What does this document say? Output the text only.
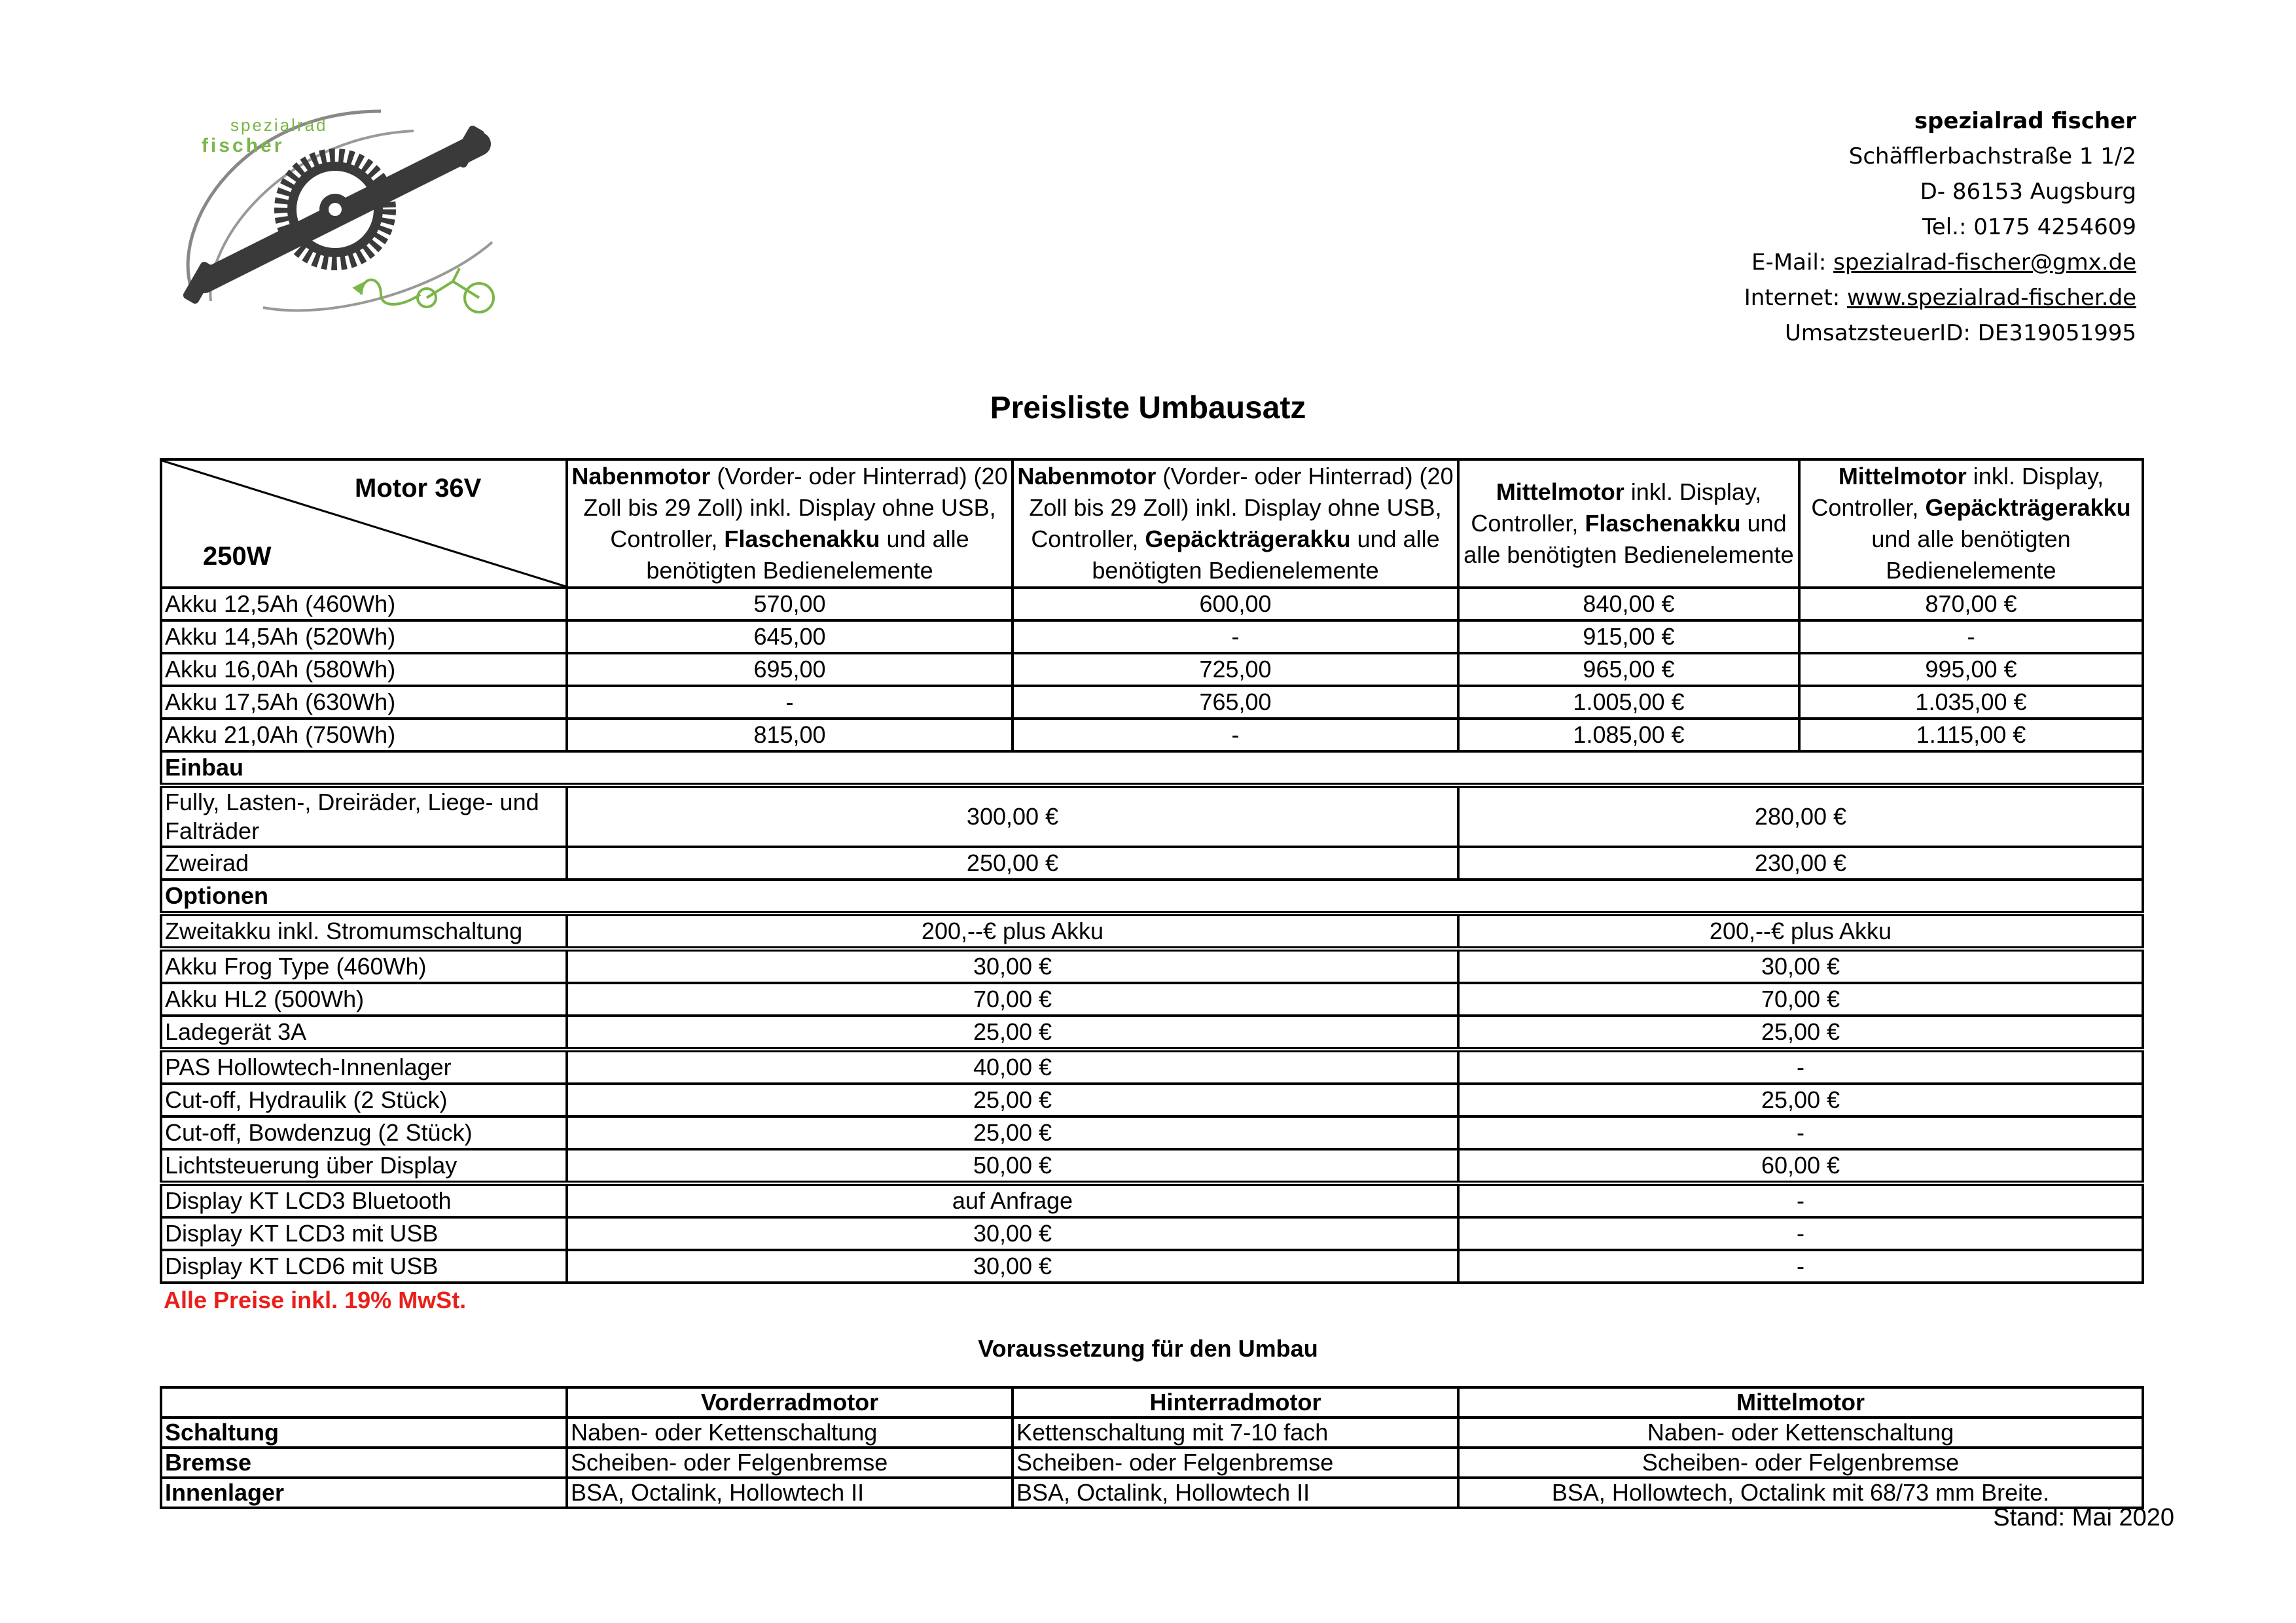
spezialrad
fischer
spezialrad fischer
Schäfflerbachstraße 1 1/2
D- 86153 Augsburg
Tel.: 0175 4254609
E-Mail: spezialrad-fischer@gmx.de
Internet: www.spezialrad-fischer.de
UmsatzsteuerID: DE319051995
Preisliste Umbausatz
Motor 36V
250W	Nabenmotor (Vorder- oder Hinterrad) (20 Zoll bis 29 Zoll) inkl. Display ohne USB, Controller, Flaschenakku und alle benötigten Bedienelemente	Nabenmotor (Vorder- oder Hinterrad) (20 Zoll bis 29 Zoll) inkl. Display ohne USB, Controller, Gepäckträgerakku und alle benötigten Bedienelemente	Mittelmotor inkl. Display, Controller, Flaschenakku und alle benötigten Bedienelemente	Mittelmotor inkl. Display, Controller, Gepäckträgerakku und alle benötigten Bedienelemente
Akku 12,5Ah (460Wh)	570,00	600,00	840,00 €	870,00 €
Akku 14,5Ah (520Wh)	645,00	-	915,00 €	-
Akku 16,0Ah (580Wh)	695,00	725,00	965,00 €	995,00 €
Akku 17,5Ah (630Wh)	-	765,00	1.005,00 €	1.035,00 €
Akku 21,0Ah (750Wh)	815,00	-	1.085,00 €	1.115,00 €
Einbau				
Fully, Lasten-, Dreiräder, Liege- und Falträder	300,00 €		280,00 €	
Zweirad	250,00 €		230,00 €	
Optionen				
Zweitakku inkl. Stromumschaltung	200,--€ plus Akku		200,--€ plus Akku	
Akku Frog Type (460Wh)	30,00 €		30,00 €	
Akku HL2 (500Wh)	70,00 €		70,00 €	
Ladegerät 3A	25,00 €		25,00 €	
PAS Hollowtech-Innenlager	40,00 €		-	
Cut-off, Hydraulik (2 Stück)	25,00 €		25,00 €	
Cut-off, Bowdenzug (2 Stück)	25,00 €		-	
Lichtsteuerung über Display	50,00 €		60,00 €	
Display KT LCD3 Bluetooth	auf Anfrage		-	
Display KT LCD3 mit USB	30,00 €		-	
Display KT LCD6 mit USB	30,00 €		-	
Alle Preise inkl. 19% MwSt.
Voraussetzung für den Umbau
	Vorderradmotor	Hinterradmotor	Mittelmotor
Schaltung	Naben- oder Kettenschaltung	Kettenschaltung mit 7-10 fach	Naben- oder Kettenschaltung
Bremse	Scheiben- oder Felgenbremse	Scheiben- oder Felgenbremse	Scheiben- oder Felgenbremse
Innenlager	BSA, Octalink, Hollowtech II	BSA, Octalink, Hollowtech II	BSA, Hollowtech, Octalink mit 68/73 mm Breite.
Stand: Mai 2020
